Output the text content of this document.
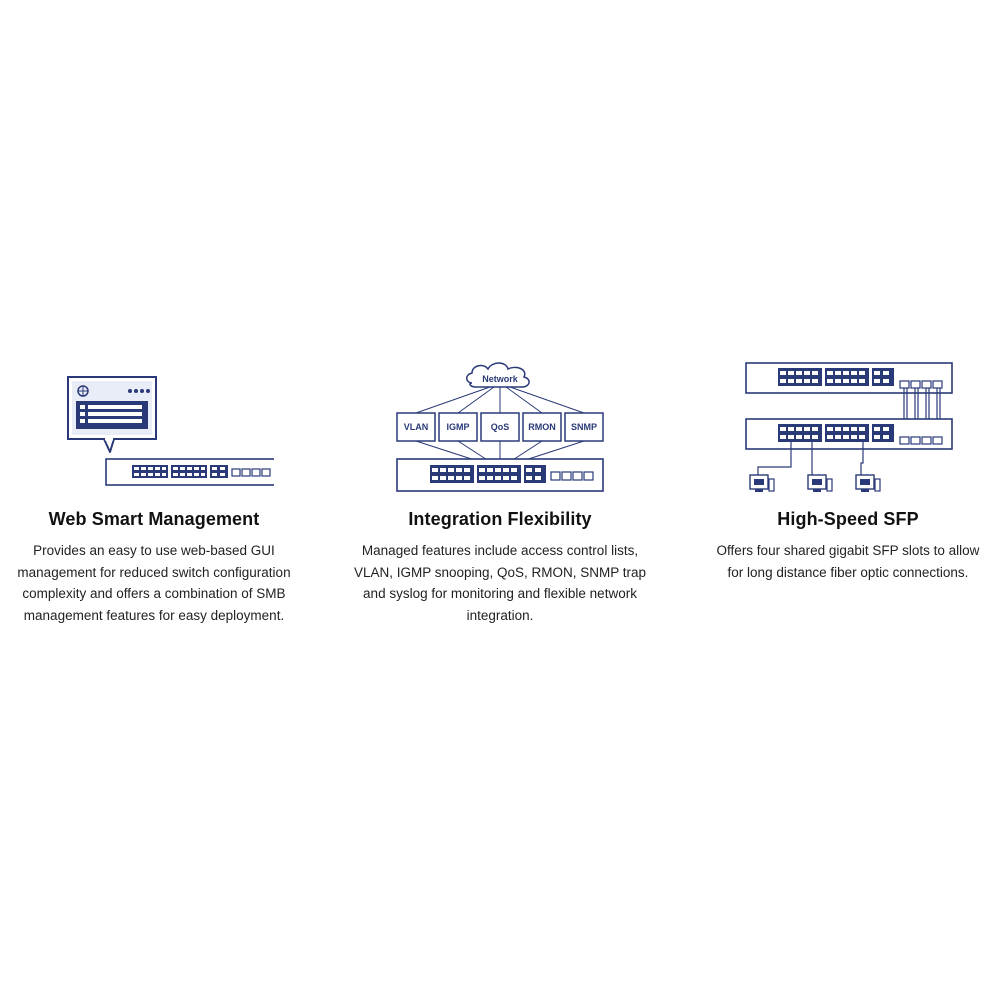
Web Smart Management

Provides an easy to use web-based GUI management for reduced switch configuration complexity and offers a combination of SMB management features for easy deployment.

Network
VLAN IGMP QoS RMON SNMP
Integration Flexibility

Managed features include access control lists, VLAN, IGMP snooping, QoS, RMON, SNMP trap and syslog for monitoring and flexible network integration.

High-Speed SFP

Offers four shared gigabit SFP slots to allow for long distance fiber optic connections.
